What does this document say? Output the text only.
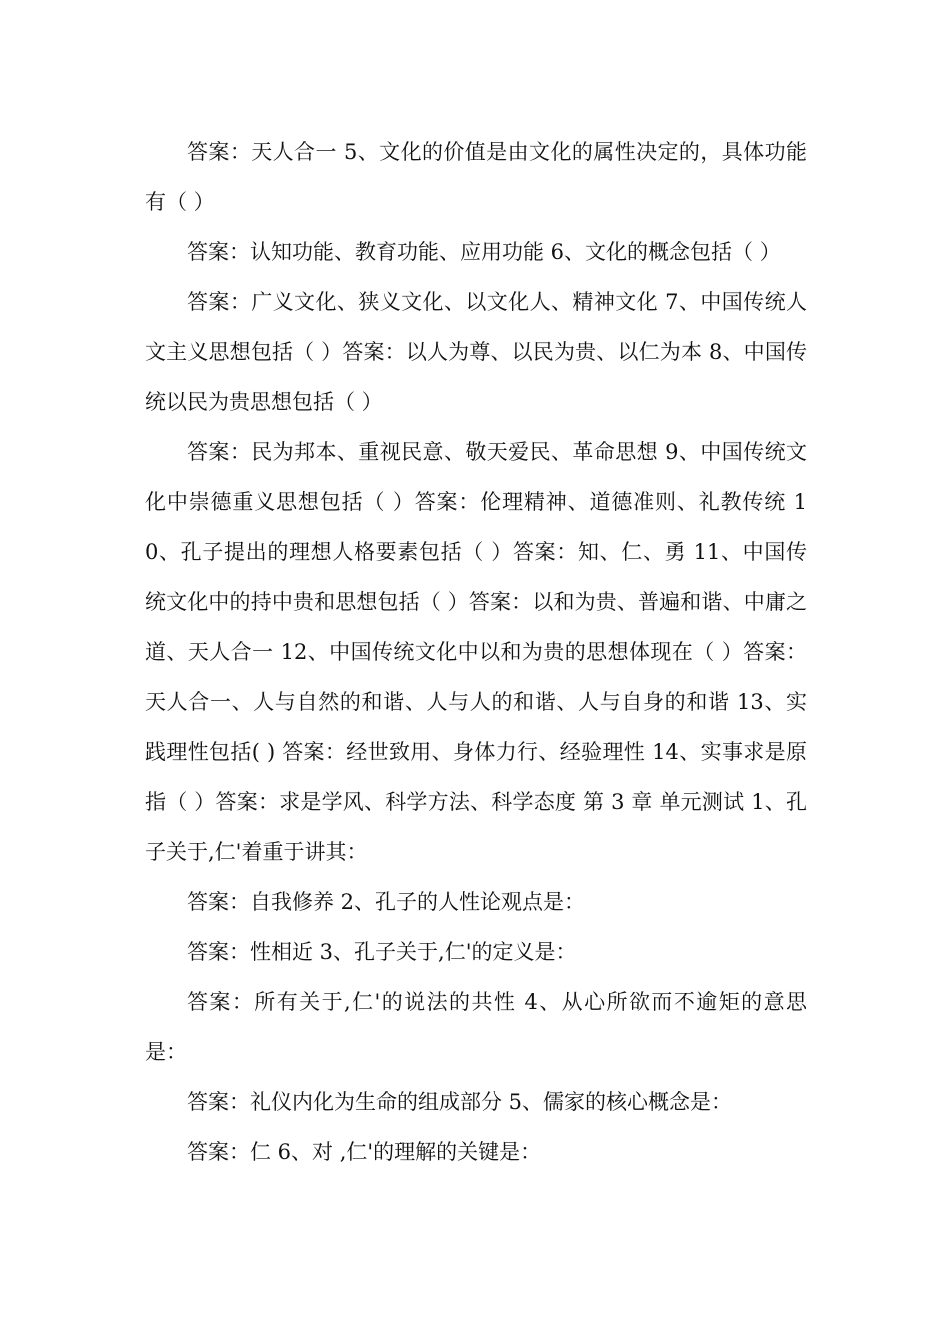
答案：天人合一 5、文化的价值是由文化的属性决定的，具体功能有（ ）

答案：认知功能、教育功能、应用功能 6、文化的概念包括（ ）

答案：广义文化、狭义文化、以文化人、精神文化 7、中国传统人文主义思想包括（ ）答案：以人为尊、以民为贵、以仁为本 8、中国传统以民为贵思想包括（ ）

答案：民为邦本、重视民意、敬天爱民、革命思想 9、中国传统文化中崇德重义思想包括（ ）答案：伦理精神、道德准则、礼教传统 10、孔子提出的理想人格要素包括（ ）答案：知、仁、勇 11、中国传统文化中的持中贵和思想包括（ ）答案：以和为贵、普遍和谐、中庸之道、天人合一 12、中国传统文化中以和为贵的思想体现在（ ）答案：天人合一、人与自然的和谐、人与人的和谐、人与自身的和谐 13、实践理性包括( ) 答案：经世致用、身体力行、经验理性 14、实事求是原指（ ）答案：求是学风、科学方法、科学态度 第 3 章 单元测试 1、孔子关于,仁'着重于讲其：

答案：自我修养 2、孔子的人性论观点是：

答案：性相近 3、孔子关于,仁'的定义是：

答案：所有关于,仁'的说法的共性 4、从心所欲而不逾矩的意思是：

答案：礼仪内化为生命的组成部分 5、儒家的核心概念是：

答案：仁 6、对 ,仁'的理解的关键是：
